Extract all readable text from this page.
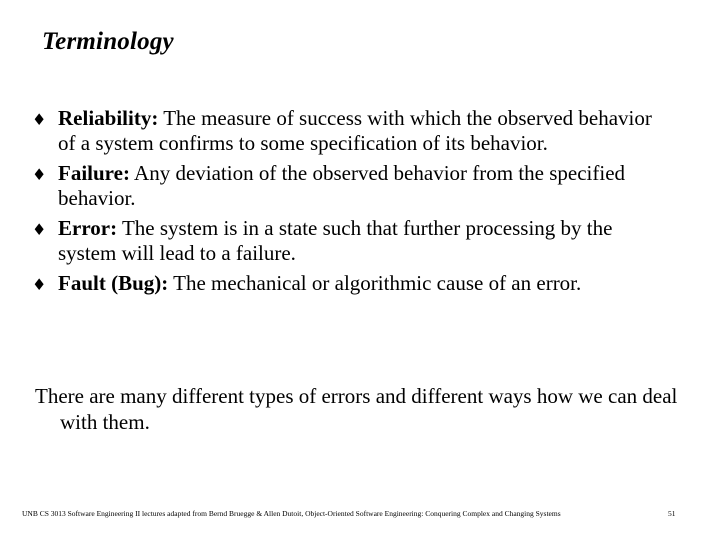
Terminology
♦ Reliability: The measure of success with which the observed behavior of a system confirms to some specification of its behavior.
♦ Failure: Any deviation of the observed behavior from the specified behavior.
♦ Error: The system is in a state such that further processing by the system will lead to a failure.
♦ Fault (Bug): The mechanical or algorithmic cause of an error.

There are many different types of errors and different ways how we can deal with them.

UNB CS 3013 Software Engineering II lectures adapted from Bernd Bruegge & Allen Dutoit, Object-Oriented Software Engineering: Conquering Complex and Changing Systems	51
